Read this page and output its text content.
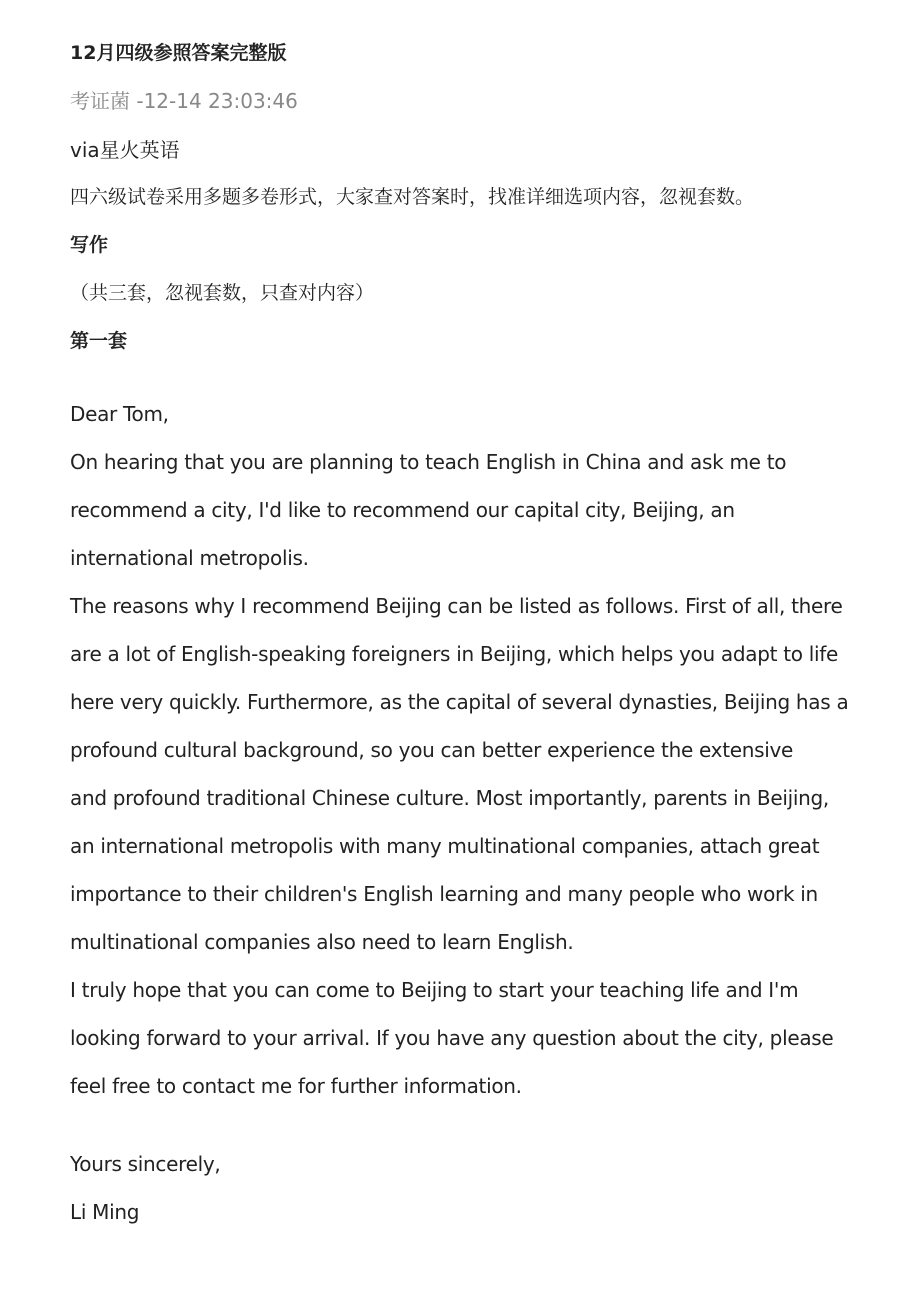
12月四级参照答案完整版
考证菌 -12-14 23:03:46
via星火英语
四六级试卷采用多题多卷形式，大家查对答案时，找准详细选项内容，忽视套数。
写作
（共三套，忽视套数，只查对内容）
第一套
Dear Tom,
On hearing that you are planning to teach English in China and ask me to
recommend a city, I'd like to recommend our capital city, Beijing, an
international metropolis.
The reasons why I recommend Beijing can be listed as follows. First of all, there
are a lot of English-speaking foreigners in Beijing, which helps you adapt to life
here very quickly. Furthermore, as the capital of several dynasties, Beijing has a
profound cultural background, so you can better experience the extensive
and profound traditional Chinese culture. Most importantly, parents in Beijing,
an international metropolis with many multinational companies, attach great
importance to their children's English learning and many people who work in
multinational companies also need to learn English.
I truly hope that you can come to Beijing to start your teaching life and I'm
looking forward to your arrival. If you have any question about the city, please
feel free to contact me for further information.
Yours sincerely,
Li Ming
